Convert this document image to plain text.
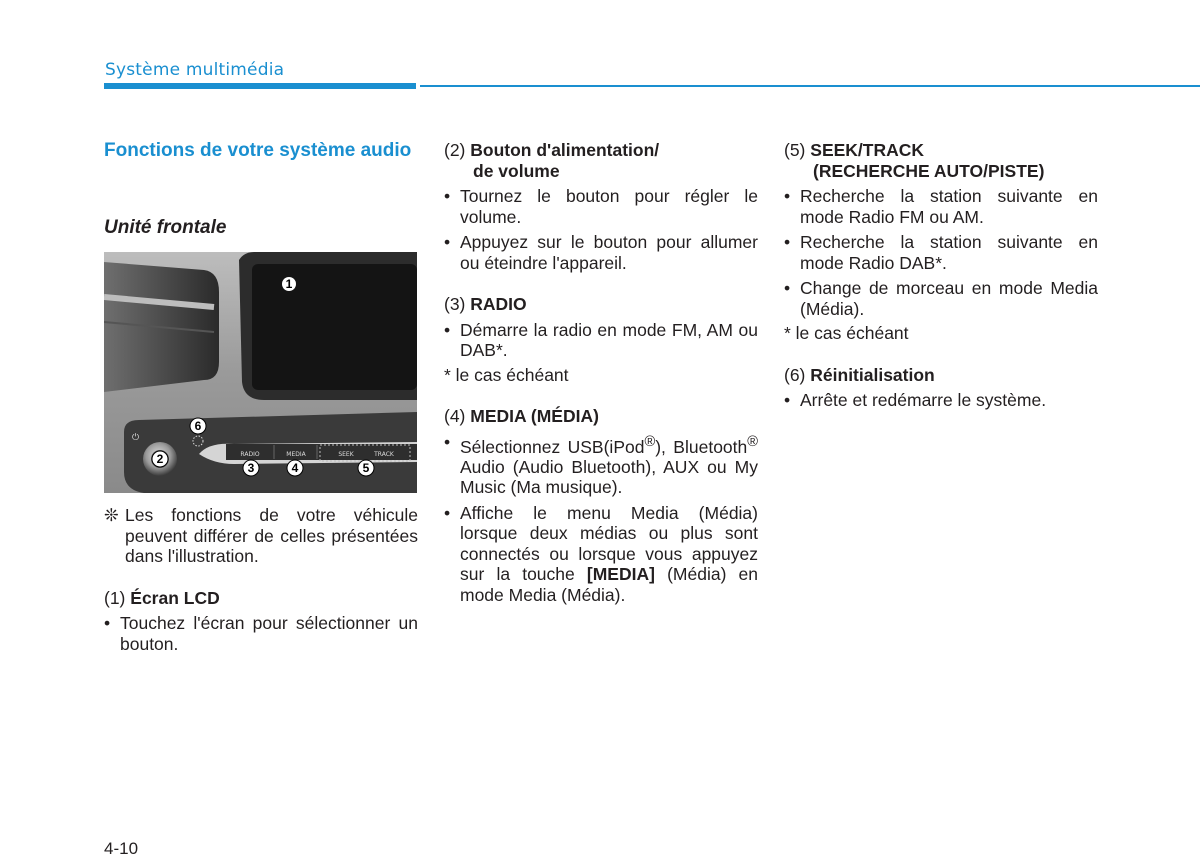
Système multimédia
Fonctions de votre système audio
Unité frontale
RADIO	MEDIA	SEEK	TRACK
⏻
1
2
3	4	5
6
❊ Les fonctions de votre véhicule peuvent différer de celles présentées dans l'illustration.
(1) Écran LCD
• Touchez l'écran pour sélectionner un bouton.
(2) Bouton d'alimentation/
de volume
• Tournez le bouton pour régler le volume.
• Appuyez sur le bouton pour allumer ou éteindre l'appareil.
(3) RADIO
• Démarre la radio en mode FM, AM ou DAB*.
* le cas échéant
(4) MEDIA (MÉDIA)
• Sélectionnez USB(iPod®), Bluetooth® Audio (Audio Bluetooth), AUX ou My Music (Ma musique).
• Affiche le menu Media (Média) lorsque deux médias ou plus sont connectés ou lorsque vous appuyez sur la touche [MEDIA] (Média) en mode Media (Média).
(5) SEEK/TRACK
(RECHERCHE AUTO/PISTE)
• Recherche la station suivante en mode Radio FM ou AM.
• Recherche la station suivante en mode Radio DAB*.
• Change de morceau en mode Media (Média).
* le cas échéant
(6) Réinitialisation
• Arrête et redémarre le système.
4-10
